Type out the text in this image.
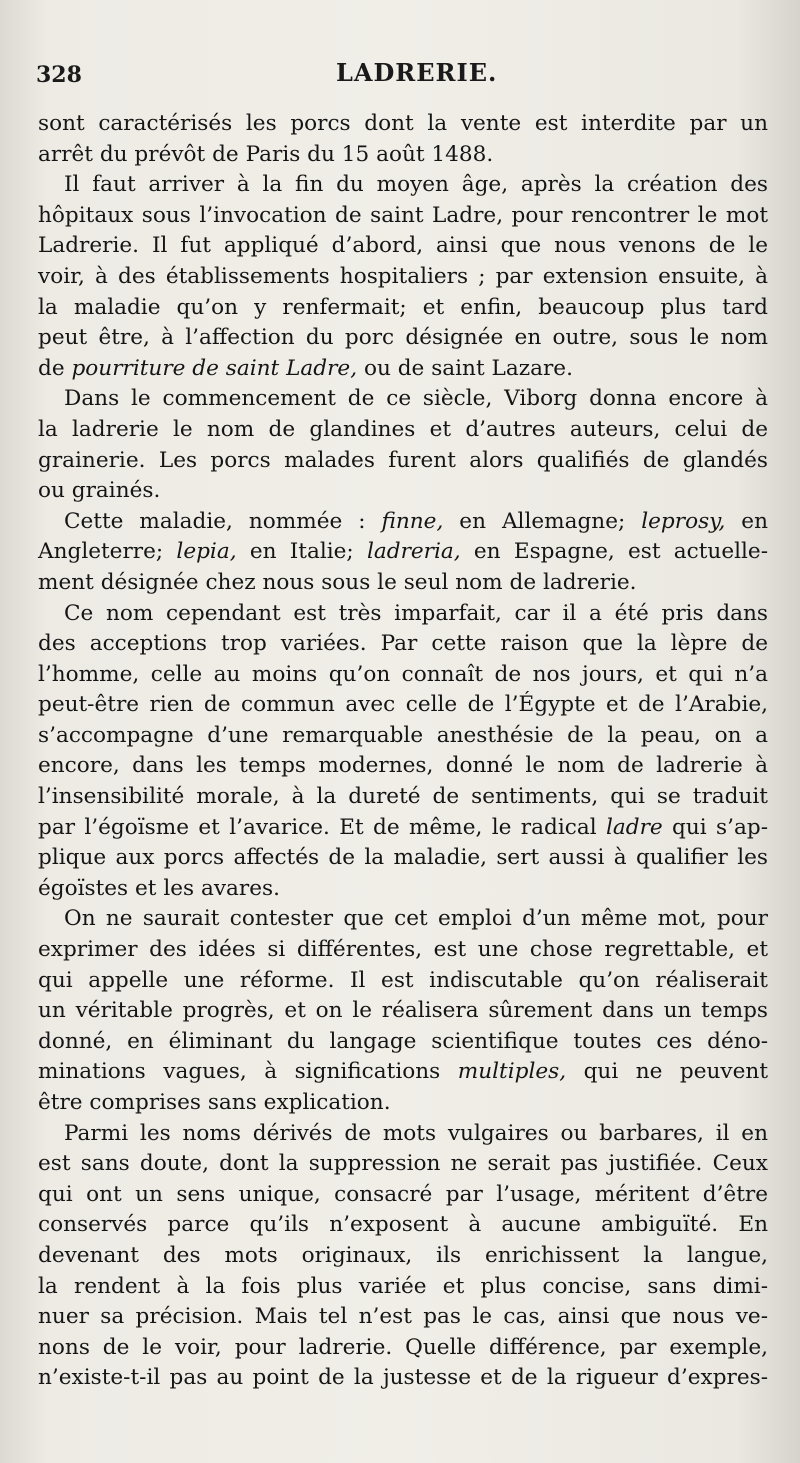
328	LADRERIE.
sont caractérisés les porcs dont la vente est interdite par un
arrêt du prévôt de Paris du 15 août 1488.
Il faut arriver à la fin du moyen âge, après la création des
hôpitaux sous l’invocation de saint Ladre, pour rencontrer le mot
Ladrerie. Il fut appliqué d’abord, ainsi que nous venons de le
voir, à des établissements hospitaliers ; par extension ensuite, à
la maladie qu’on y renfermait; et enfin, beaucoup plus tard
peut être, à l’affection du porc désignée en outre, sous le nom
de pourriture de saint Ladre, ou de saint Lazare.
Dans le commencement de ce siècle, Viborg donna encore à
la ladrerie le nom de glandines et d’autres auteurs, celui de
grainerie. Les porcs malades furent alors qualifiés de glandés
ou grainés.
Cette maladie, nommée : finne, en Allemagne; leprosy, en
Angleterre; lepia, en Italie; ladreria, en Espagne, est actuelle-
ment désignée chez nous sous le seul nom de ladrerie.
Ce nom cependant est très imparfait, car il a été pris dans
des acceptions trop variées. Par cette raison que la lèpre de
l’homme, celle au moins qu’on connaît de nos jours, et qui n’a
peut-être rien de commun avec celle de l’Égypte et de l’Arabie,
s’accompagne d’une remarquable anesthésie de la peau, on a
encore, dans les temps modernes, donné le nom de ladrerie à
l’insensibilité morale, à la dureté de sentiments, qui se traduit
par l’égoïsme et l’avarice. Et de même, le radical ladre qui s’ap-
plique aux porcs affectés de la maladie, sert aussi à qualifier les
égoïstes et les avares.
On ne saurait contester que cet emploi d’un même mot, pour
exprimer des idées si différentes, est une chose regrettable, et
qui appelle une réforme. Il est indiscutable qu’on réaliserait
un véritable progrès, et on le réalisera sûrement dans un temps
donné, en éliminant du langage scientifique toutes ces déno-
minations vagues, à significations multiples, qui ne peuvent
être comprises sans explication.
Parmi les noms dérivés de mots vulgaires ou barbares, il en
est sans doute, dont la suppression ne serait pas justifiée. Ceux
qui ont un sens unique, consacré par l’usage, méritent d’être
conservés parce qu’ils n’exposent à aucune ambiguïté. En
devenant des mots originaux, ils enrichissent la langue,
la rendent à la fois plus variée et plus concise, sans dimi-
nuer sa précision. Mais tel n’est pas le cas, ainsi que nous ve-
nons de le voir, pour ladrerie. Quelle différence, par exemple,
n’existe-t-il pas au point de la justesse et de la rigueur d’expres-
